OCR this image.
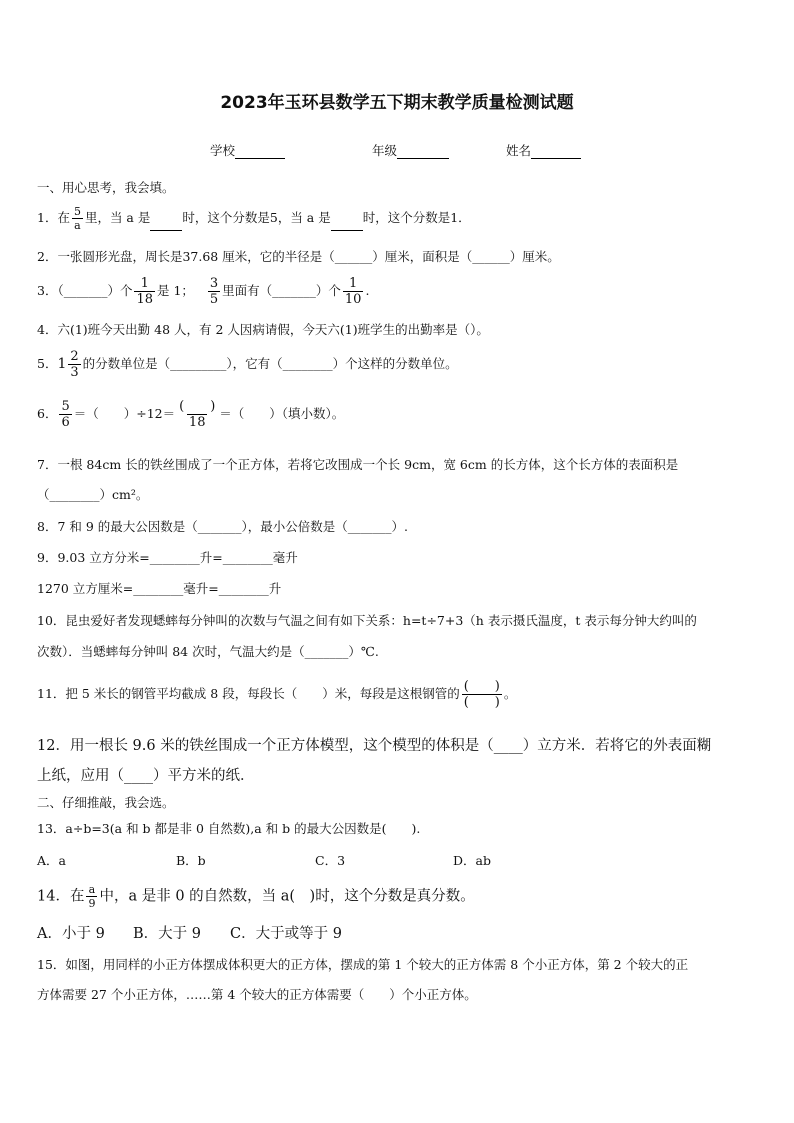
2023年玉环县数学五下期末教学质量检测试题
学校	年级	姓名
一、用心思考，我会填。
1．在 $\frac{5}{a}$ 里，当 a 是	时，这个分数是5，当 a 是	时，这个分数是1．
2．一张圆形光盘，周长是37.68 厘米，它的半径是（______）厘米，面积是（______）厘米。
3．（_______）个 $\frac{1}{18}$ 是 1； $\frac{3}{5}$ 里面有（_______）个 $\frac{1}{10}$ .
4．六(1)班今天出勤 48 人，有 2 人因病请假，今天六(1)班学生的出勤率是（）。
5．$1 \frac{2}{3}$ 的分数单位是（_________），它有（________）个这样的分数单位。
6． $\frac{5}{6}$ ＝（　　）$\div 12= \frac{( )}{18}$ ＝（　　）（填小数）。
7．一根 84cm 长的铁丝围成了一个正方体，若将它改围成一个长 9cm，宽 6cm 的长方体，这个长方体的表面积是
（________）cm²。
8．7 和 9 的最大公因数是（_______），最小公倍数是（_______）.
9．9.03 立方分米=________升=________毫升
1270 立方厘米=________毫升=________升
10．昆虫爱好者发现蟋蟀每分钟叫的次数与气温之间有如下关系：h=t÷7+3（h 表示摄氏温度，t 表示每分钟大约叫的
次数）．当蟋蟀每分钟叫 84 次时，气温大约是（_______）℃.
11．把 5 米长的钢管平均截成 8 段，每段长（　　）米，每段是这根钢管的 $\frac{( )}{( )}$ 。
12．用一根长 9.6 米的铁丝围成一个正方体模型，这个模型的体积是（____）立方米．若将它的外表面糊
上纸，应用（____）平方米的纸．
二、仔细推敲，我会选。
13．a÷b=3(a 和 b 都是非 0 自然数),a 和 b 的最大公因数是(　　).
A．a	B．b	C．3	D．ab
14．在 $\frac{a}{9}$ 中，a 是非 0 的自然数，当 a(　)时，这个分数是真分数。
A．小于 9 B．大于 9 C．大于或等于 9
15．如图，用同样的小正方体摆成体积更大的正方体，摆成的第 1 个较大的正方体需 8 个小正方体，第 2 个较大的正
方体需要 27 个小正方体，……第 4 个较大的正方体需要（　　）个小正方体。
